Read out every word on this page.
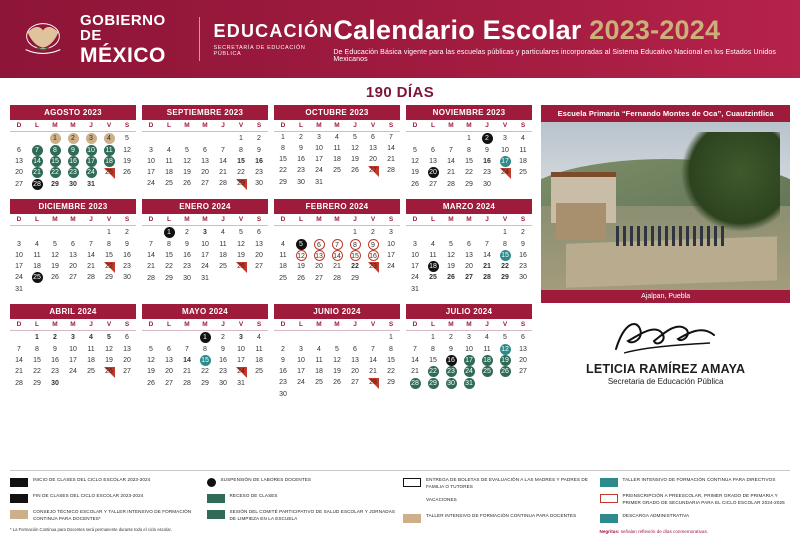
GOBIERNO DE
MÉXICO
EDUCACIÓN
SECRETARÍA DE EDUCACIÓN PÚBLICA
Calendario Escolar 2023-2024
De Educación Básica vigente para las escuelas públicas y particulares incorporadas al Sistema Educativo Nacional en los Estados Unidos Mexicanos
190 DÍAS
AGOSTO 2023
D	L	M	M	J	V	S
		1	2	3	4	5
6	7	8	9	10	11	12
13	14	15	16	17	18	19
20	21	22	23	24	25	26
27	28	29	30	31		
SEPTIEMBRE 2023
D	L	M	M	J	V	S
					1	2
3	4	5	6	7	8	9
10	11	12	13	14	15	16
17	18	19	20	21	22	23
24	25	26	27	28	29	30
OCTUBRE 2023
D	L	M	M	J	V	S
1	2	3	4	5	6	7
8	9	10	11	12	13	14
15	16	17	18	19	20	21
22	23	24	25	26	27	28
29	30	31				
NOVIEMBRE 2023
D	L	M	M	J	V	S
			1	2	3	4
5	6	7	8	9	10	11
12	13	14	15	16	17	18
19	20	21	22	23	24	25
26	27	28	29	30		
DICIEMBRE 2023
D	L	M	M	J	V	S
					1	2
3	4	5	6	7	8	9
10	11	12	13	14	15	16
17	18	19	20	21	22	23
24	25	26	27	28	29	30
31						
ENERO 2024
D	L	M	M	J	V	S
	1	2	3	4	5	6
7	8	9	10	11	12	13
14	15	16	17	18	19	20
21	22	23	24	25	26	27
28	29	30	31			
FEBRERO 2024
D	L	M	M	J	V	S
				1	2	3
4	5	6	7	8	9	10
11	12	13	14	15	16	17
18	19	20	21	22	23	24
25	26	27	28	29		
MARZO 2024
D	L	M	M	J	V	S
					1	2
3	4	5	6	7	8	9
10	11	12	13	14	15	16
17	18	19	20	21	22	23
24	25	26	27	28	29	30
31						
ABRIL 2024
D	L	M	M	J	V	S
	1	2	3	4	5	6
7	8	9	10	11	12	13
14	15	16	17	18	19	20
21	22	23	24	25	26	27
28	29	30				
MAYO 2024
D	L	M	M	J	V	S
			1	2	3	4
5	6	7	8	9	10	11
12	13	14	15	16	17	18
19	20	21	22	23	24	25
26	27	28	29	30	31	
JUNIO 2024
D	L	M	M	J	V	S
						1
2	3	4	5	6	7	8
9	10	11	12	13	14	15
16	17	18	19	20	21	22
23	24	25	26	27	28	29
30						
JULIO 2024
D	L	M	M	J	V	S
	1	2	3	4	5	6
7	8	9	10	11	12	13
14	15	16	17	18	19	20
21	22	23	24	25	26	27
28	29	30	31			
Escuela Primaria “Fernando Montes de Oca”, Cuautzintlica
Ajalpan, Puebla
LETICIA RAMÍREZ AMAYA
Secretaria de Educación Pública
INICIO DE CLASES DEL CICLO ESCOLAR 2023-2024
FIN DE CLASES DEL CICLO ESCOLAR 2023-2024
CONSEJO TÉCNICO ESCOLAR Y TALLER INTENSIVO DE FORMACIÓN CONTINUA PARA DOCENTES*
* La Formación Continua para Docentes será permanente durante todo el ciclo escolar.
SUSPENSIÓN DE LABORES DOCENTES
RECESO DE CLASES
SESIÓN DEL COMITÉ PARTICIPATIVO DE SALUD ESCOLAR Y JORNADAS DE LIMPIEZA EN LA ESCUELA
ENTREGA DE BOLETAS DE EVALUACIÓN A LAS MADRES Y PADRES DE FAMILIA O TUTORES
VACACIONES
TALLER INTENSIVO DE FORMACIÓN CONTINUA PARA DOCENTES
TALLER INTENSIVO DE FORMACIÓN CONTINUA PARA DIRECTIVOS
PREINSCRIPCIÓN A PREESCOLAR, PRIMER GRADO DE PRIMARIA Y PRIMER GRADO DE SECUNDARIA PARA EL CICLO ESCOLAR 2024-2025
DESCARGA ADMINISTRATIVA
Negritas: señalan reflexión de días conmemorativas.
